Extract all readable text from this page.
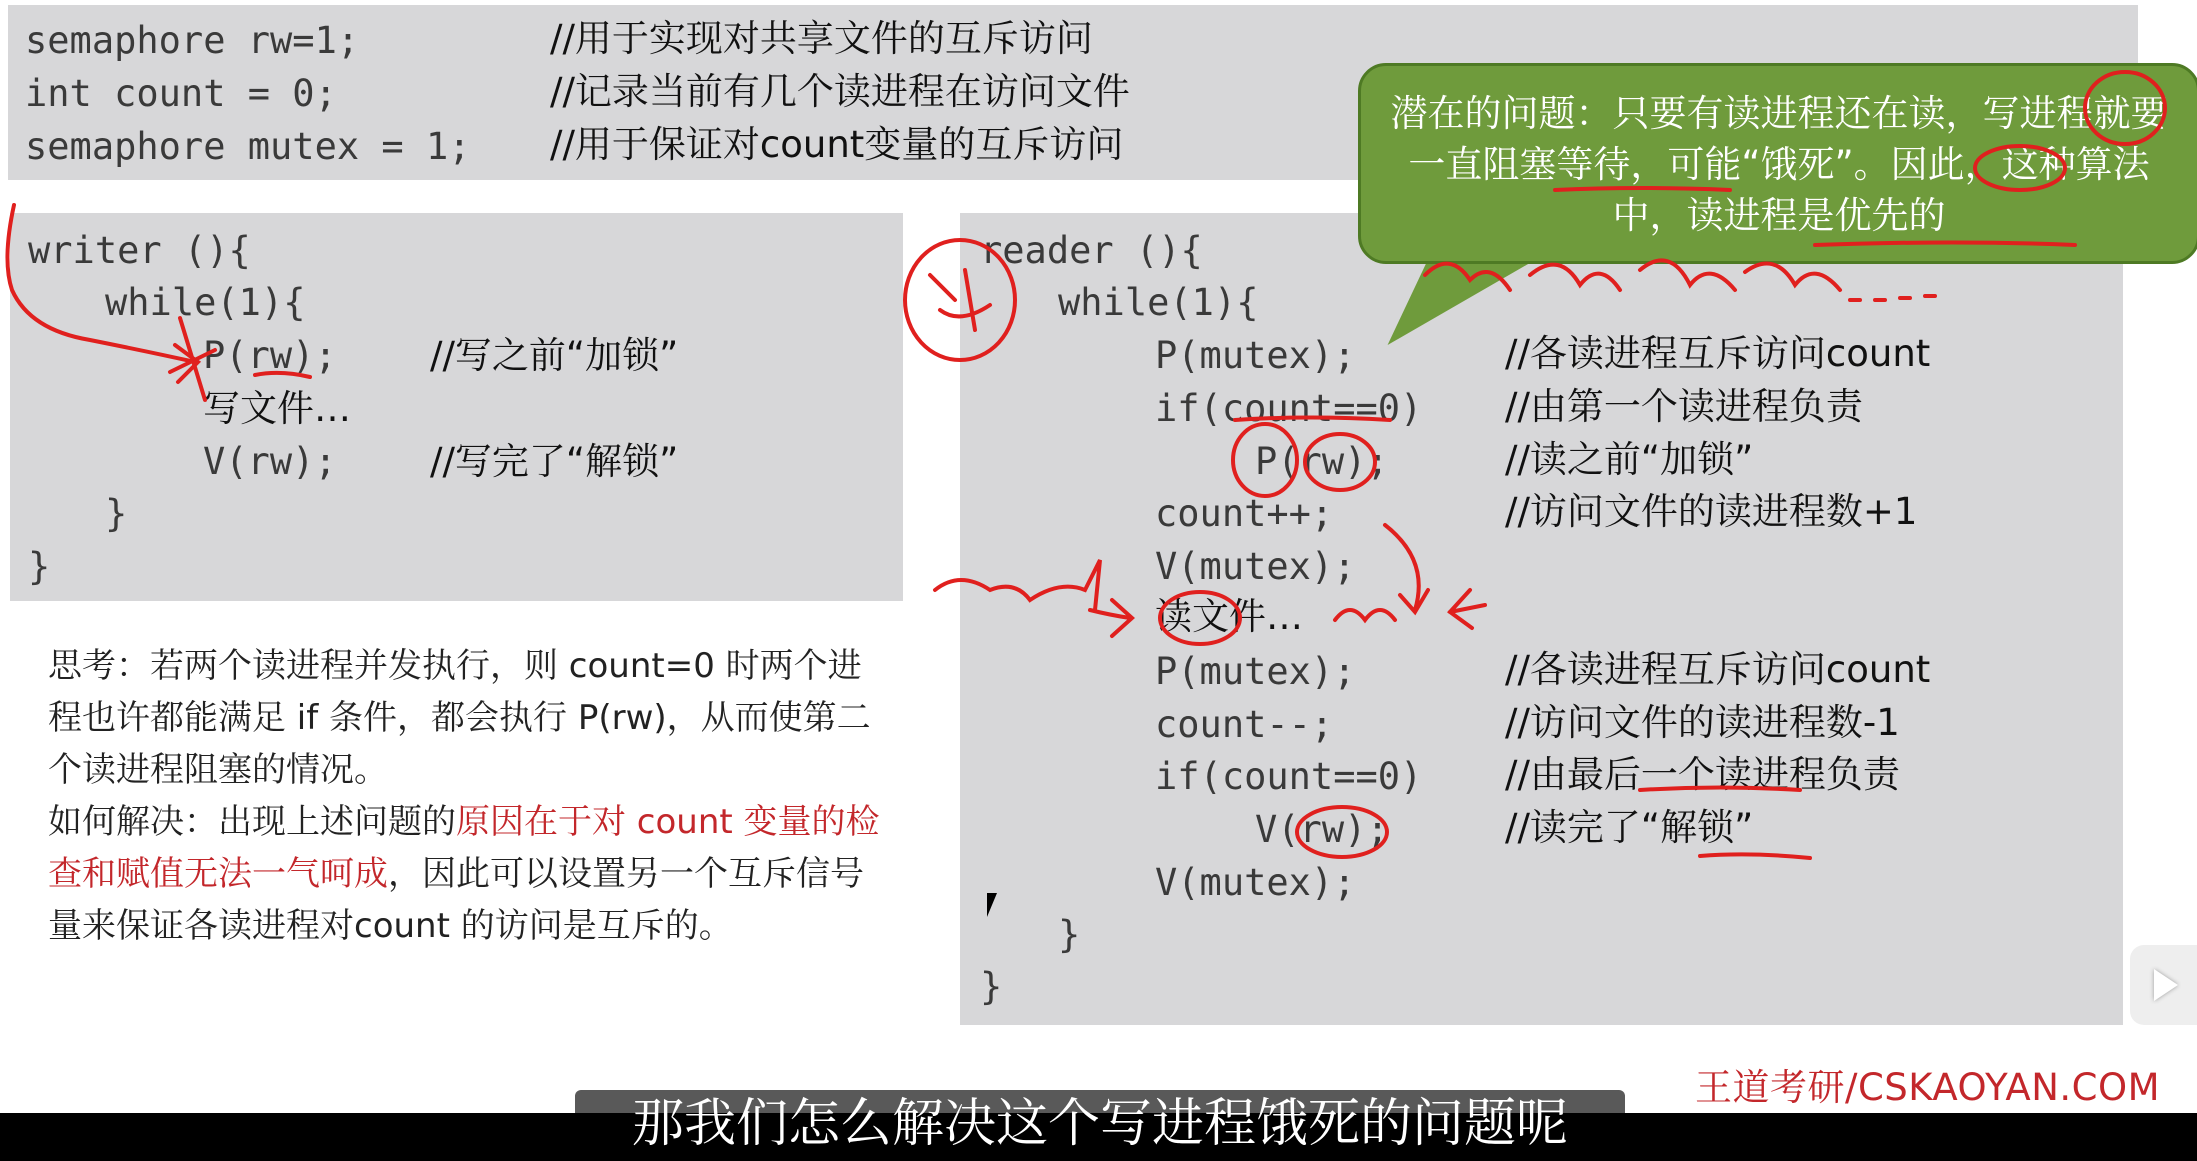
semaphore rw=1;	//用于实现对共享文件的互斥访问
int count = 0;	//记录当前有几个读进程在访问文件
semaphore mutex = 1; //用于保证对count变量的互斥访问
writer (){
while(1){
P(rw);	//写之前“加锁”
写文件…
V(rw);	//写完了“解锁”
}
}
reader (){
while(1){
P(mutex);	//各读进程互斥访问count
if(count==0) //由第一个读进程负责
P(rw);	//读之前“加锁”
count++;	//访问文件的读进程数+1
V(mutex);
读文件…
P(mutex);	//各读进程互斥访问count
count--;	//访问文件的读进程数-1
if(count==0) //由最后一个读进程负责
V(rw);	//读完了“解锁”
V(mutex);
}
}
思考：若两个读进程并发执行，则 count=0 时两个进程也许都能满足 if 条件，都会执行 P(rw)，从而使第二个读进程阻塞的情况。
如何解决：出现上述问题的原因在于对 count 变量的检查和赋值无法一气呵成，因此可以设置另一个互斥信号量来保证各读进程对count 的访问是互斥的。
潜在的问题：只要有读进程还在读，写进程就要一直阻塞等待，可能“饿死”。因此，这种算法中，读进程是优先的
王道考研/CSKAOYAN.COM
那我们怎么解决这个写进程饿死的问题呢
